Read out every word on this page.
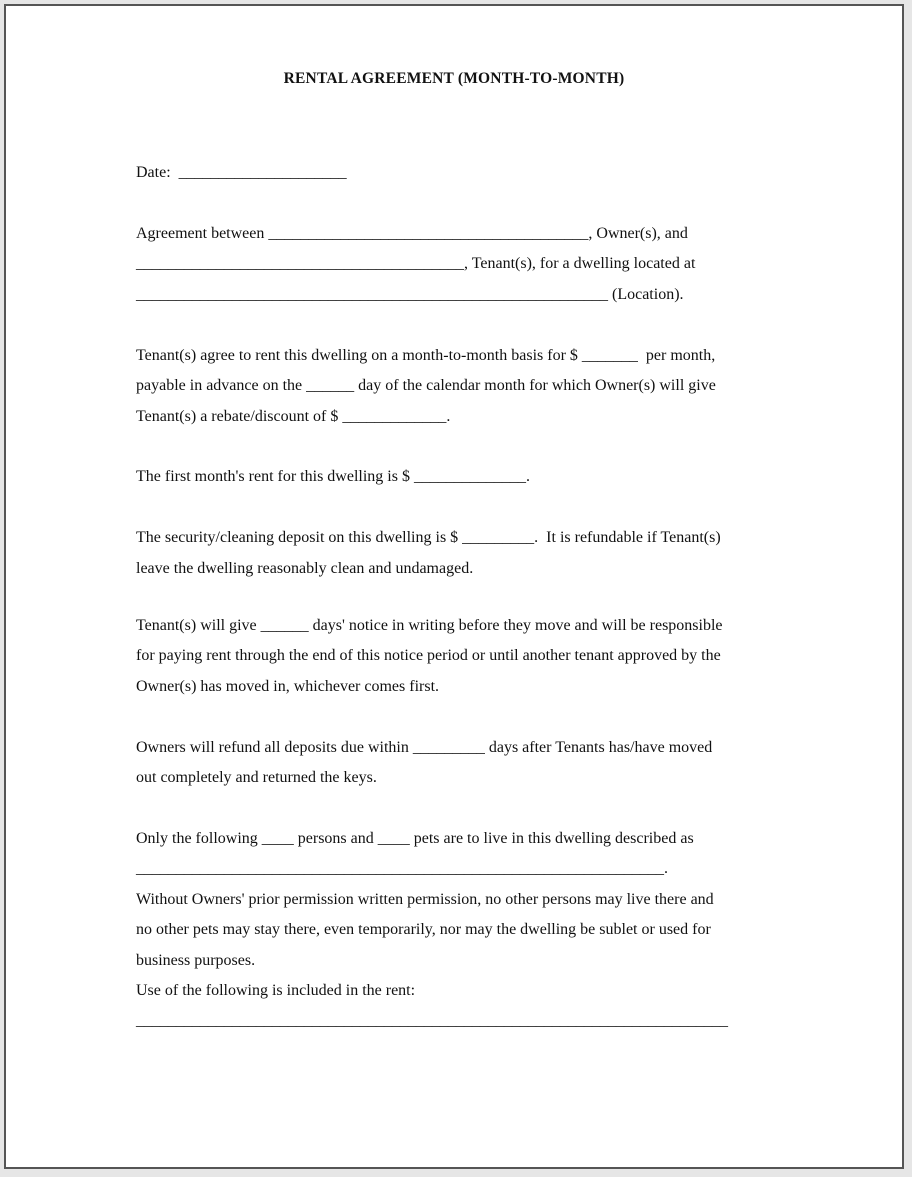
RENTAL AGREEMENT (MONTH-TO-MONTH)
Date:  _____________________
Agreement between ________________________________________, Owner(s), and
_________________________________________, Tenant(s), for a dwelling located at
___________________________________________________________ (Location).
Tenant(s) agree to rent this dwelling on a month-to-month basis for $ _______  per month,
payable in advance on the ______ day of the calendar month for which Owner(s) will give
Tenant(s) a rebate/discount of $ _____________.
The first month's rent for this dwelling is $ ______________.
The security/cleaning deposit on this dwelling is $ _________.  It is refundable if Tenant(s)
leave the dwelling reasonably clean and undamaged.
Tenant(s) will give ______ days' notice in writing before they move and will be responsible
for paying rent through the end of this notice period or until another tenant approved by the
Owner(s) has moved in, whichever comes first.
Owners will refund all deposits due within _________ days after Tenants has/have moved
out completely and returned the keys.
Only the following ____ persons and ____ pets are to live in this dwelling described as
__________________________________________________________________.
Without Owners' prior permission written permission, no other persons may live there and
no other pets may stay there, even temporarily, nor may the dwelling be sublet or used for
business purposes.
Use of the following is included in the rent:
__________________________________________________________________________
